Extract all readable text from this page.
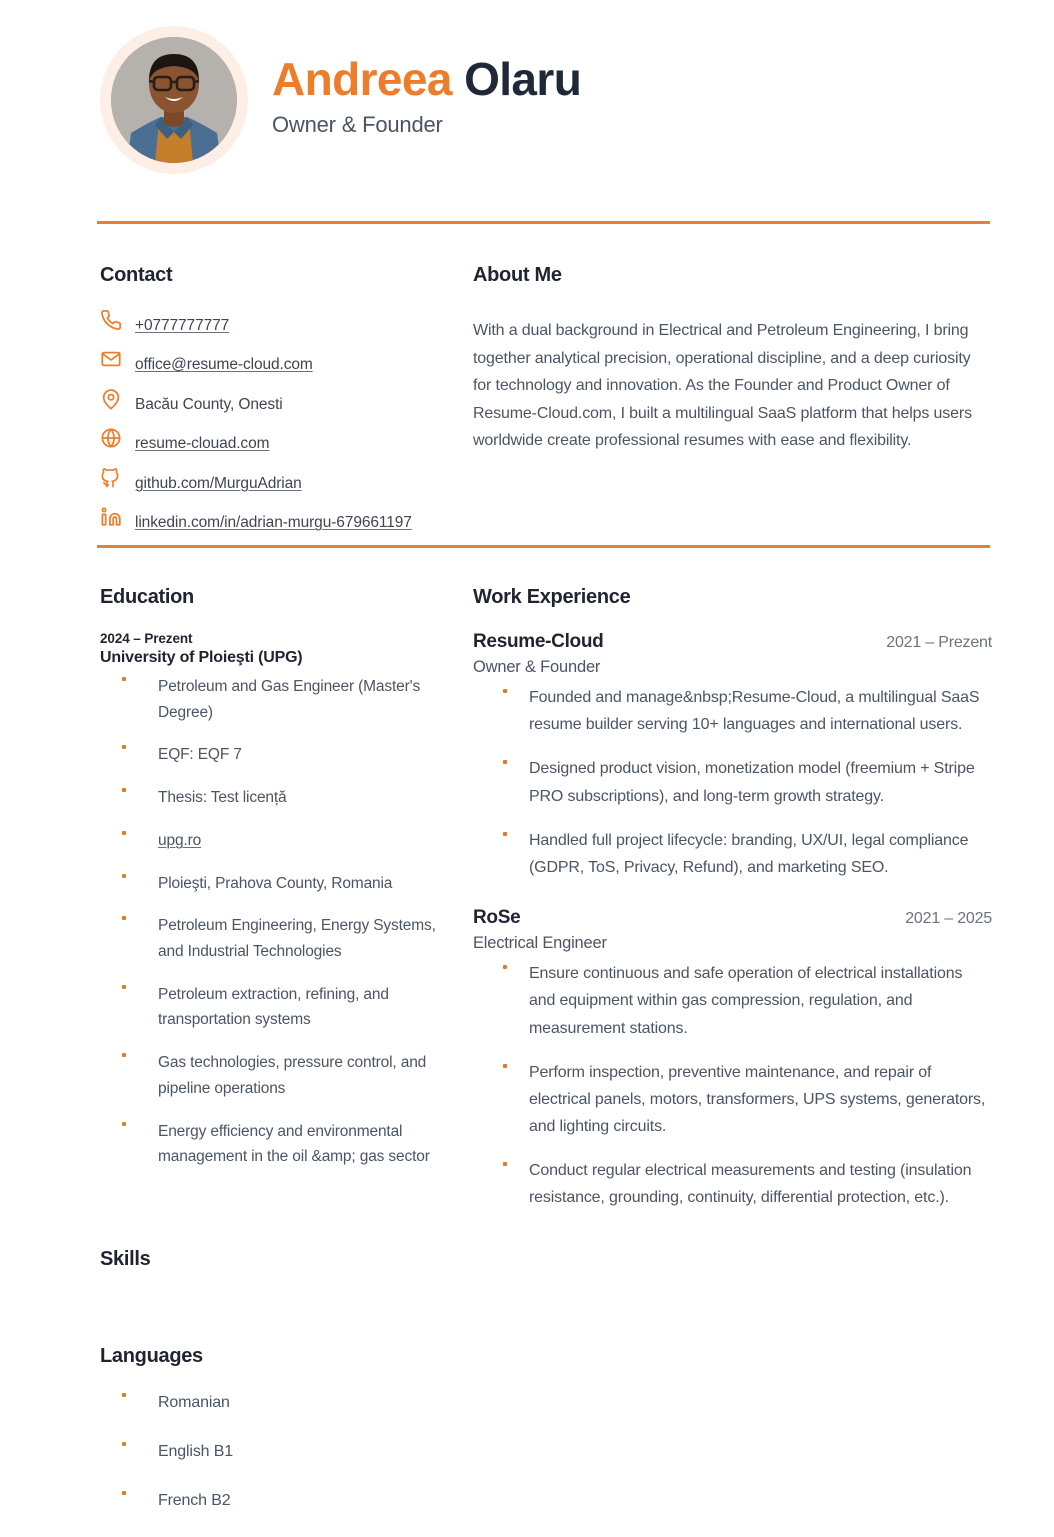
Andreea Olaru
Owner & Founder
Contact
+0777777777
office@resume-cloud.com
Bacău County, Onesti
resume-clouad.com
github.com/MurguAdrian
linkedin.com/in/adrian-murgu-679661197
About Me

With a dual background in Electrical and Petroleum Engineering, I bring together analytical precision, operational discipline, and a deep curiosity for technology and innovation. As the Founder and Product Owner of Resume-Cloud.com, I built a multilingual SaaS platform that helps users worldwide create professional resumes with ease and flexibility.

Education
2024 – Prezent
University of Ploieşti (UPG)
Petroleum and Gas Engineer (Master's Degree)
EQF: EQF 7
Thesis: Test licență
upg.ro
Ploieşti, Prahova County, Romania
Petroleum Engineering, Energy Systems, and Industrial Technologies
Petroleum extraction, refining, and transportation systems
Gas technologies, pressure control, and pipeline operations
Energy efficiency and environmental management in the oil &amp; gas sector
Skills
Languages
Romanian
English B1
French B2
Work Experience
Resume-Cloud	2021 – Prezent
Owner & Founder
Founded and manage&nbsp;Resume-Cloud, a multilingual SaaS resume builder serving 10+ languages and international users.
Designed product vision, monetization model (freemium + Stripe PRO subscriptions), and long-term growth strategy.
Handled full project lifecycle: branding, UX/UI, legal compliance (GDPR, ToS, Privacy, Refund), and marketing SEO.
RoSe	2021 – 2025
Electrical Engineer
Ensure continuous and safe operation of electrical installations and equipment within gas compression, regulation, and measurement stations.
Perform inspection, preventive maintenance, and repair of electrical panels, motors, transformers, UPS systems, generators, and lighting circuits.
Conduct regular electrical measurements and testing (insulation resistance, grounding, continuity, differential protection, etc.).
